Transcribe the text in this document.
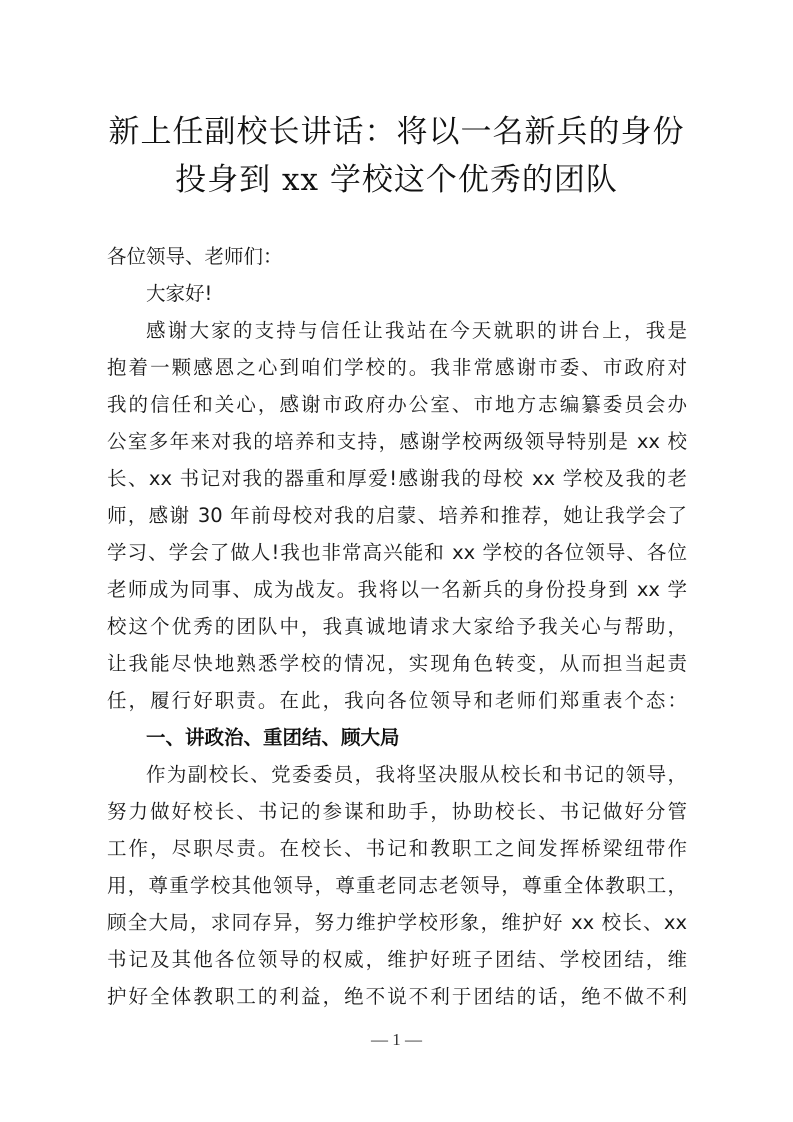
新上任副校长讲话：将以一名新兵的身份
投身到 xx 学校这个优秀的团队
各位领导、老师们：
大家好!
感谢大家的支持与信任让我站在今天就职的讲台上，我是
抱着一颗感恩之心到咱们学校的。我非常感谢市委、市政府对
我的信任和关心，感谢市政府办公室、市地方志编纂委员会办
公室多年来对我的培养和支持，感谢学校两级领导特别是 xx 校
长、xx 书记对我的器重和厚爱!感谢我的母校 xx 学校及我的老
师，感谢 30 年前母校对我的启蒙、培养和推荐，她让我学会了
学习、学会了做人!我也非常高兴能和 xx 学校的各位领导、各位
老师成为同事、成为战友。我将以一名新兵的身份投身到 xx 学
校这个优秀的团队中，我真诚地请求大家给予我关心与帮助，
让我能尽快地熟悉学校的情况，实现角色转变，从而担当起责
任，履行好职责。在此，我向各位领导和老师们郑重表个态：
一、讲政治、重团结、顾大局
作为副校长、党委委员，我将坚决服从校长和书记的领导，
努力做好校长、书记的参谋和助手，协助校长、书记做好分管
工作，尽职尽责。在校长、书记和教职工之间发挥桥梁纽带作
用，尊重学校其他领导，尊重老同志老领导，尊重全体教职工，
顾全大局，求同存异，努力维护学校形象，维护好 xx 校长、xx
书记及其他各位领导的权威，维护好班子团结、学校团结，维
护好全体教职工的利益，绝不说不利于团结的话，绝不做不利
— 1 —
